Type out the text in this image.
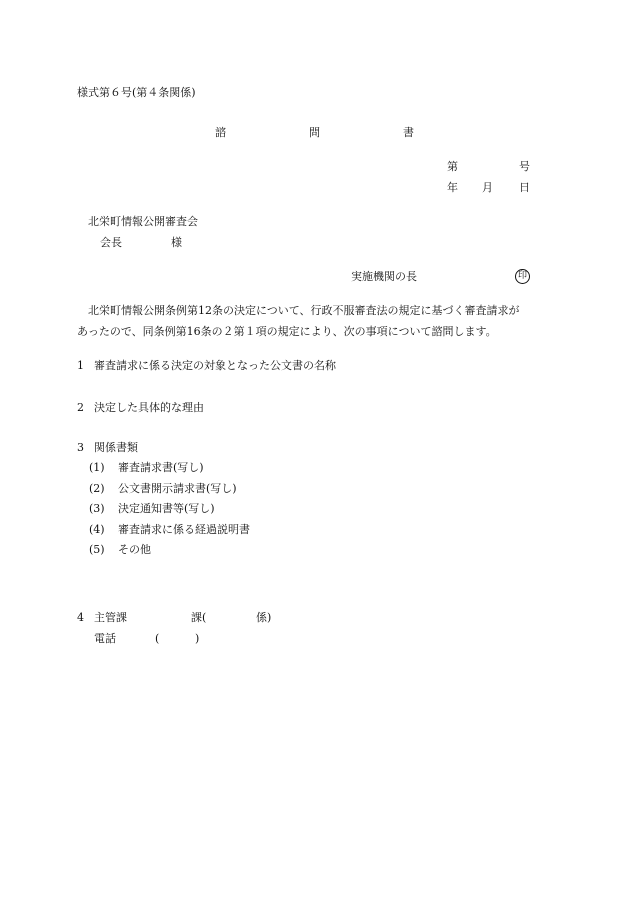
様式第６号(第４条関係)
諮	問	書
第	号
年 月 日
北栄町情報公開審査会
会長	様
実施機関の長	印
北栄町情報公開条例第12条の決定について、行政不服審査法の規定に基づく審査請求が
あったので、同条例第16条の２第１項の規定により、次の事項について諮問します。
1 審査請求に係る決定の対象となった公文書の名称
2 決定した具体的な理由
3 関係書類
(1) 審査請求書(写し)
(2) 公文書開示請求書(写し)
(3) 決定通知書等(写し)
(4) 審査請求に係る経過説明書
(5) その他
4 主管課	課(	係)
電話	(	)
